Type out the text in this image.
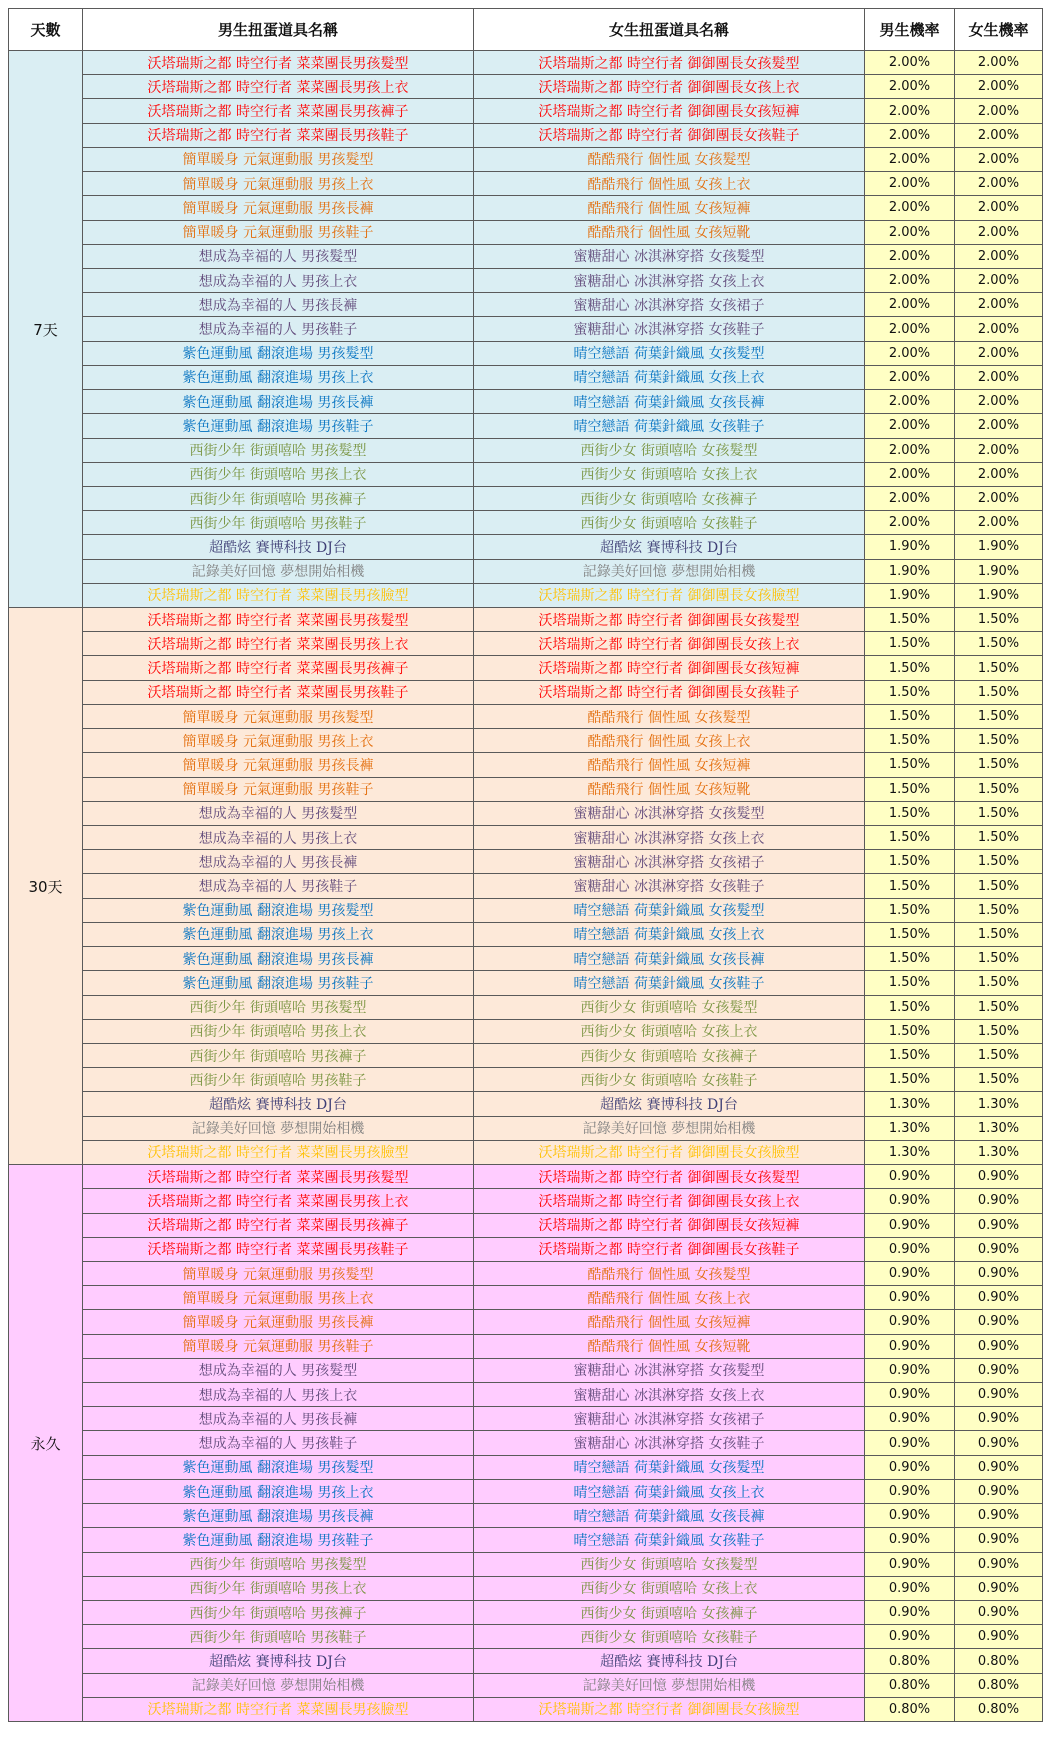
天數	男生扭蛋道具名稱	女生扭蛋道具名稱	男生機率	女生機率
7天	沃塔瑞斯之都 時空行者 菜菜團長男孩髮型	沃塔瑞斯之都 時空行者 御御團長女孩髮型	2.00%	2.00%
	沃塔瑞斯之都 時空行者 菜菜團長男孩上衣	沃塔瑞斯之都 時空行者 御御團長女孩上衣	2.00%	2.00%
	沃塔瑞斯之都 時空行者 菜菜團長男孩褲子	沃塔瑞斯之都 時空行者 御御團長女孩短褲	2.00%	2.00%
	沃塔瑞斯之都 時空行者 菜菜團長男孩鞋子	沃塔瑞斯之都 時空行者 御御團長女孩鞋子	2.00%	2.00%
	簡單暖身 元氣運動服 男孩髮型	酷酷飛行 個性風 女孩髮型	2.00%	2.00%
	簡單暖身 元氣運動服 男孩上衣	酷酷飛行 個性風 女孩上衣	2.00%	2.00%
	簡單暖身 元氣運動服 男孩長褲	酷酷飛行 個性風 女孩短褲	2.00%	2.00%
	簡單暖身 元氣運動服 男孩鞋子	酷酷飛行 個性風 女孩短靴	2.00%	2.00%
	想成為幸福的人 男孩髮型	蜜糖甜心 冰淇淋穿搭 女孩髮型	2.00%	2.00%
	想成為幸福的人 男孩上衣	蜜糖甜心 冰淇淋穿搭 女孩上衣	2.00%	2.00%
	想成為幸福的人 男孩長褲	蜜糖甜心 冰淇淋穿搭 女孩裙子	2.00%	2.00%
	想成為幸福的人 男孩鞋子	蜜糖甜心 冰淇淋穿搭 女孩鞋子	2.00%	2.00%
	紫色運動風 翻滾進場 男孩髮型	晴空戀語 荷葉針織風 女孩髮型	2.00%	2.00%
	紫色運動風 翻滾進場 男孩上衣	晴空戀語 荷葉針織風 女孩上衣	2.00%	2.00%
	紫色運動風 翻滾進場 男孩長褲	晴空戀語 荷葉針織風 女孩長褲	2.00%	2.00%
	紫色運動風 翻滾進場 男孩鞋子	晴空戀語 荷葉針織風 女孩鞋子	2.00%	2.00%
	西街少年 街頭嘻哈 男孩髮型	西街少女 街頭嘻哈 女孩髮型	2.00%	2.00%
	西街少年 街頭嘻哈 男孩上衣	西街少女 街頭嘻哈 女孩上衣	2.00%	2.00%
	西街少年 街頭嘻哈 男孩褲子	西街少女 街頭嘻哈 女孩褲子	2.00%	2.00%
	西街少年 街頭嘻哈 男孩鞋子	西街少女 街頭嘻哈 女孩鞋子	2.00%	2.00%
	超酷炫 賽博科技 DJ台	超酷炫 賽博科技 DJ台	1.90%	1.90%
	記錄美好回憶 夢想開始相機	記錄美好回憶 夢想開始相機	1.90%	1.90%
	沃塔瑞斯之都 時空行者 菜菜團長男孩臉型	沃塔瑞斯之都 時空行者 御御團長女孩臉型	1.90%	1.90%
30天	沃塔瑞斯之都 時空行者 菜菜團長男孩髮型	沃塔瑞斯之都 時空行者 御御團長女孩髮型	1.50%	1.50%
	沃塔瑞斯之都 時空行者 菜菜團長男孩上衣	沃塔瑞斯之都 時空行者 御御團長女孩上衣	1.50%	1.50%
	沃塔瑞斯之都 時空行者 菜菜團長男孩褲子	沃塔瑞斯之都 時空行者 御御團長女孩短褲	1.50%	1.50%
	沃塔瑞斯之都 時空行者 菜菜團長男孩鞋子	沃塔瑞斯之都 時空行者 御御團長女孩鞋子	1.50%	1.50%
	簡單暖身 元氣運動服 男孩髮型	酷酷飛行 個性風 女孩髮型	1.50%	1.50%
	簡單暖身 元氣運動服 男孩上衣	酷酷飛行 個性風 女孩上衣	1.50%	1.50%
	簡單暖身 元氣運動服 男孩長褲	酷酷飛行 個性風 女孩短褲	1.50%	1.50%
	簡單暖身 元氣運動服 男孩鞋子	酷酷飛行 個性風 女孩短靴	1.50%	1.50%
	想成為幸福的人 男孩髮型	蜜糖甜心 冰淇淋穿搭 女孩髮型	1.50%	1.50%
	想成為幸福的人 男孩上衣	蜜糖甜心 冰淇淋穿搭 女孩上衣	1.50%	1.50%
	想成為幸福的人 男孩長褲	蜜糖甜心 冰淇淋穿搭 女孩裙子	1.50%	1.50%
	想成為幸福的人 男孩鞋子	蜜糖甜心 冰淇淋穿搭 女孩鞋子	1.50%	1.50%
	紫色運動風 翻滾進場 男孩髮型	晴空戀語 荷葉針織風 女孩髮型	1.50%	1.50%
	紫色運動風 翻滾進場 男孩上衣	晴空戀語 荷葉針織風 女孩上衣	1.50%	1.50%
	紫色運動風 翻滾進場 男孩長褲	晴空戀語 荷葉針織風 女孩長褲	1.50%	1.50%
	紫色運動風 翻滾進場 男孩鞋子	晴空戀語 荷葉針織風 女孩鞋子	1.50%	1.50%
	西街少年 街頭嘻哈 男孩髮型	西街少女 街頭嘻哈 女孩髮型	1.50%	1.50%
	西街少年 街頭嘻哈 男孩上衣	西街少女 街頭嘻哈 女孩上衣	1.50%	1.50%
	西街少年 街頭嘻哈 男孩褲子	西街少女 街頭嘻哈 女孩褲子	1.50%	1.50%
	西街少年 街頭嘻哈 男孩鞋子	西街少女 街頭嘻哈 女孩鞋子	1.50%	1.50%
	超酷炫 賽博科技 DJ台	超酷炫 賽博科技 DJ台	1.30%	1.30%
	記錄美好回憶 夢想開始相機	記錄美好回憶 夢想開始相機	1.30%	1.30%
	沃塔瑞斯之都 時空行者 菜菜團長男孩臉型	沃塔瑞斯之都 時空行者 御御團長女孩臉型	1.30%	1.30%
永久	沃塔瑞斯之都 時空行者 菜菜團長男孩髮型	沃塔瑞斯之都 時空行者 御御團長女孩髮型	0.90%	0.90%
	沃塔瑞斯之都 時空行者 菜菜團長男孩上衣	沃塔瑞斯之都 時空行者 御御團長女孩上衣	0.90%	0.90%
	沃塔瑞斯之都 時空行者 菜菜團長男孩褲子	沃塔瑞斯之都 時空行者 御御團長女孩短褲	0.90%	0.90%
	沃塔瑞斯之都 時空行者 菜菜團長男孩鞋子	沃塔瑞斯之都 時空行者 御御團長女孩鞋子	0.90%	0.90%
	簡單暖身 元氣運動服 男孩髮型	酷酷飛行 個性風 女孩髮型	0.90%	0.90%
	簡單暖身 元氣運動服 男孩上衣	酷酷飛行 個性風 女孩上衣	0.90%	0.90%
	簡單暖身 元氣運動服 男孩長褲	酷酷飛行 個性風 女孩短褲	0.90%	0.90%
	簡單暖身 元氣運動服 男孩鞋子	酷酷飛行 個性風 女孩短靴	0.90%	0.90%
	想成為幸福的人 男孩髮型	蜜糖甜心 冰淇淋穿搭 女孩髮型	0.90%	0.90%
	想成為幸福的人 男孩上衣	蜜糖甜心 冰淇淋穿搭 女孩上衣	0.90%	0.90%
	想成為幸福的人 男孩長褲	蜜糖甜心 冰淇淋穿搭 女孩裙子	0.90%	0.90%
	想成為幸福的人 男孩鞋子	蜜糖甜心 冰淇淋穿搭 女孩鞋子	0.90%	0.90%
	紫色運動風 翻滾進場 男孩髮型	晴空戀語 荷葉針織風 女孩髮型	0.90%	0.90%
	紫色運動風 翻滾進場 男孩上衣	晴空戀語 荷葉針織風 女孩上衣	0.90%	0.90%
	紫色運動風 翻滾進場 男孩長褲	晴空戀語 荷葉針織風 女孩長褲	0.90%	0.90%
	紫色運動風 翻滾進場 男孩鞋子	晴空戀語 荷葉針織風 女孩鞋子	0.90%	0.90%
	西街少年 街頭嘻哈 男孩髮型	西街少女 街頭嘻哈 女孩髮型	0.90%	0.90%
	西街少年 街頭嘻哈 男孩上衣	西街少女 街頭嘻哈 女孩上衣	0.90%	0.90%
	西街少年 街頭嘻哈 男孩褲子	西街少女 街頭嘻哈 女孩褲子	0.90%	0.90%
	西街少年 街頭嘻哈 男孩鞋子	西街少女 街頭嘻哈 女孩鞋子	0.90%	0.90%
	超酷炫 賽博科技 DJ台	超酷炫 賽博科技 DJ台	0.80%	0.80%
	記錄美好回憶 夢想開始相機	記錄美好回憶 夢想開始相機	0.80%	0.80%
	沃塔瑞斯之都 時空行者 菜菜團長男孩臉型	沃塔瑞斯之都 時空行者 御御團長女孩臉型	0.80%	0.80%
